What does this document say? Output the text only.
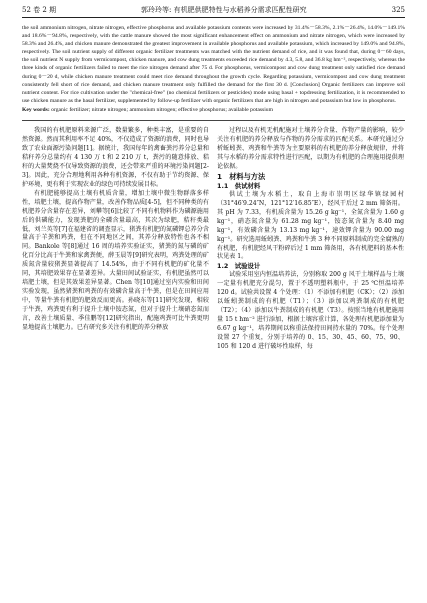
52 卷 2 期	郭玲玲等: 有机肥供肥特性与水稻养分需求匹配性研究	325

the soil ammonium nitrogen, nitrate nitrogen, effective phosphorus and available potassium contents were increased by 31.4%－58.3%, 2.1%－26.4%, 14.0%－149.1% and 18.6%－94.8%, respectively, with the cattle manure showed the most significant enhancement effect on ammonium and nitrate nitrogen, which were increased by 58.3% and 26.4%, and chicken manure demonstrated the greatest improvement in available phosphorus and available potassium, which increased by 149.0% and 94.8%, respectively. The soil nutrient supply of different organic fertilizer treatments was matched with the nutrient demand of rice, and it was found that, during 0－60 days, the soil nutrient N supply from vermicompost, chicken manure, and cow dung treatments exceeded rice demand by 4.3, 5.8, and 36.8 kg hm⁻², respectively, whereas the three kinds of organic fertilizers failed to meet the rice nitrogen demand after 75 d. For phosphorus, vermicompost and cow dung treatment only satisfied rice demand during 0－20 d, while chicken manure treatment could meet rice demand throughout the growth cycle. Regarding potassium, vermicompost and cow dung treatment consistently fell short of rice demand, and chicken manure treatment only fulfilled the demand for the first 30 d. [Conclusion] Organic fertilizers can improve soil nutrient content. For rice cultivation under the "chemical-free" (no chemical fertilizers or pesticides) mode using basal + topdressing fertilization, it is recommended to use chicken manure as the basal fertilizer, supplemented by follow-up fertilizer with organic fertilizers that are high in nitrogen and potassium but low in phosphorus.

Key words: organic fertilizer; nitrate nitrogen; ammonium nitrogen; effective phosphorus; available potassium

我国的有机肥原料来源广泛，数量繁多，种类丰富，是重要的自然资源。然而其利用率不足 40%，不仅造成了资源的浪费，同时也导致了农业面源污染问题[1]。据统计，我国每年的禽畜粪污养分总量和秸秆养分总量约有 4 130 万 t 和 2 210 万 t，粪污的随意排放、秸秆的大量焚烧不仅导致资源的浪费，还会带来严重的环境污染问题[2-3]。因此，充分合理地利用各种有机资源，不仅有助于节约资源、保护环境，更有利于实现农业的绿色可持续发展目标。

有机肥能够提高土壤有机质含量，增加土壤中微生物群落多样性，培肥土壤，提高作物产量，改善作物品质[4-5]，但不同种类的有机肥养分含量存在差异，刘攀等[6]比较了不同有机物料作为磷源施用后的供磷能力，发现粪肥的全磷含量最高，其次为绿肥，秸秆类最低，刘兰英等[7]在福建省的调查显示，猪粪有机肥的氮磷钾总养分含量高于羊粪和鸡粪，但在不同地区之间，其养分释放特性也各不相同。Bankole 等[8]通过 16 周的培养实验证实，猪粪的氮与磷的矿化百分比高于牛粪和家禽粪便，薛玉晨等[9]研究表明，鸡粪处理的矿质氮含量较猪粪显著提高了 14.54%，由于不同有机肥的矿化量不同，其培肥效果存在显著差异。大量田间试验证实，有机肥虽然可以培肥土壤，但是其效果差异显著。Chen 等[10]通过室内实验和田间实验发现，虽然猪粪和鸡粪的有效磷含量高于牛粪，但是在田间应用中，等量牛粪有机肥的肥效反而更高。孙晓东等[11]研究发现，相较于牛粪，鸡粪更有利于提升土壤中铵态氮，但对于提升土壤硝态氮而言，改善土壤质量、季佳鹏等[12]研究指出，配施鸡粪可比牛粪更明显地提高土壤肥力。已有研究多关注有机肥的养分释放

过程以及有机无机配施对土壤养分含量、作物产量的影响，较少关注有机肥的养分释放与作物的养分需求的匹配关系。本研究通过分析蚯蚓粪、鸡粪和牛粪等为主要原料的有机肥的养分释放规律，并将其与水稻的养分需求特性进行匹配，以期为有机肥的合理施用提供理论依据。

1　材料与方法

1.1　供试材料

供试土壤为水稻土，取自上海市崇明区绿华镇绿园村（31°46′9.24″N，121°12′16.85″E），经风干后过 2 mm 筛备用。其 pH 为 7.33，有机质含量为 15.26 g kg⁻¹，全氮含量为 1.60 g kg⁻¹，硝态氮含量为 61.28 mg kg⁻¹，铵态氮含量为 8.40 mg kg⁻¹，有效磷含量为 13.13 mg kg⁻¹，速效钾含量为 90.00 mg kg⁻¹。研究选用蚯蚓粪、鸡粪和牛粪 3 种不同原料制成的完全腐熟的有机肥，有机肥经风干粉碎后过 1 mm 筛备用，各有机肥料的基本性状见表 1。

1.2　试验设计

试验采用室内恒温培养法，分别称取 200 g 风干土壤样品与土壤一定量有机肥充分混匀，置于不透明塑料瓶中，于 25 ℃恒温培养 120 d。试验共设置 4 个处理：（1）不添加有机肥（CK）；（2）添加以蚯蚓粪制成的有机肥（T1）；（3）添加以鸡粪制成的有机肥（T2）；（4）添加以牛粪制成的有机肥（T3）。按照当地有机肥施用量 15 t hm⁻² 进行添加，根据土壤容重计算，各处理有机肥添加量为 6.67 g kg⁻¹，培养期间以称重法保持田间持水量的 70%。每个处理设置 27 个重复，分别于培养的 0、15、30、45、60、75、90、105 和 120 d 进行破坏性取样，每
